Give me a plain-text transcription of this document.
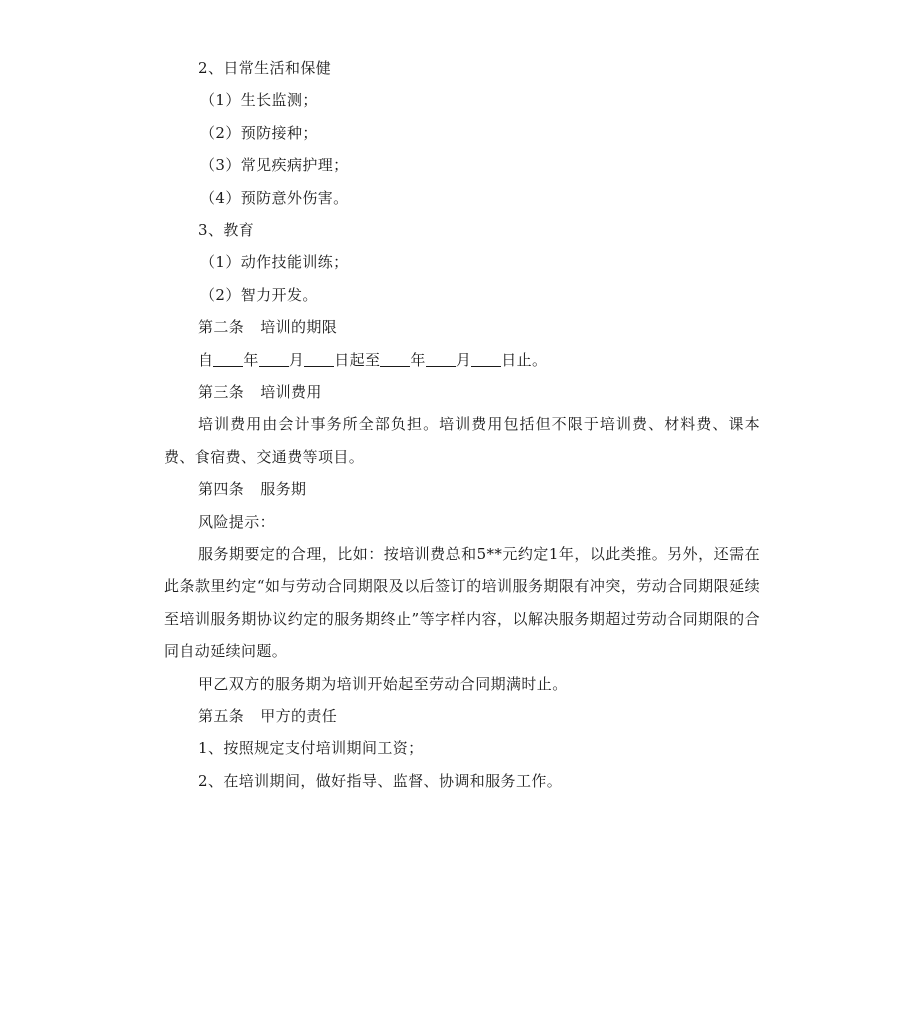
2、日常生活和保健
（1）生长监测；
（2）预防接种；
（3）常见疾病护理；
（4）预防意外伤害。
3、教育
（1）动作技能训练；
（2）智力开发。
第二条 培训的期限
自 年 月 日起至 年 月 日止。
第三条 培训费用
培训费用由会计事务所全部负担。培训费用包括但不限于培训费、材料费、课本费、食宿费、交通费等项目。
第四条 服务期
风险提示：
服务期要定的合理，比如：按培训费总和5**元约定1年，以此类推。另外，还需在此条款里约定“如与劳动合同期限及以后签订的培训服务期限有冲突，劳动合同期限延续至培训服务期协议约定的服务期终止”等字样内容，以解决服务期超过劳动合同期限的合同自动延续问题。
甲乙双方的服务期为培训开始起至劳动合同期满时止。
第五条 甲方的责任
1、按照规定支付培训期间工资；
2、在培训期间，做好指导、监督、协调和服务工作。
